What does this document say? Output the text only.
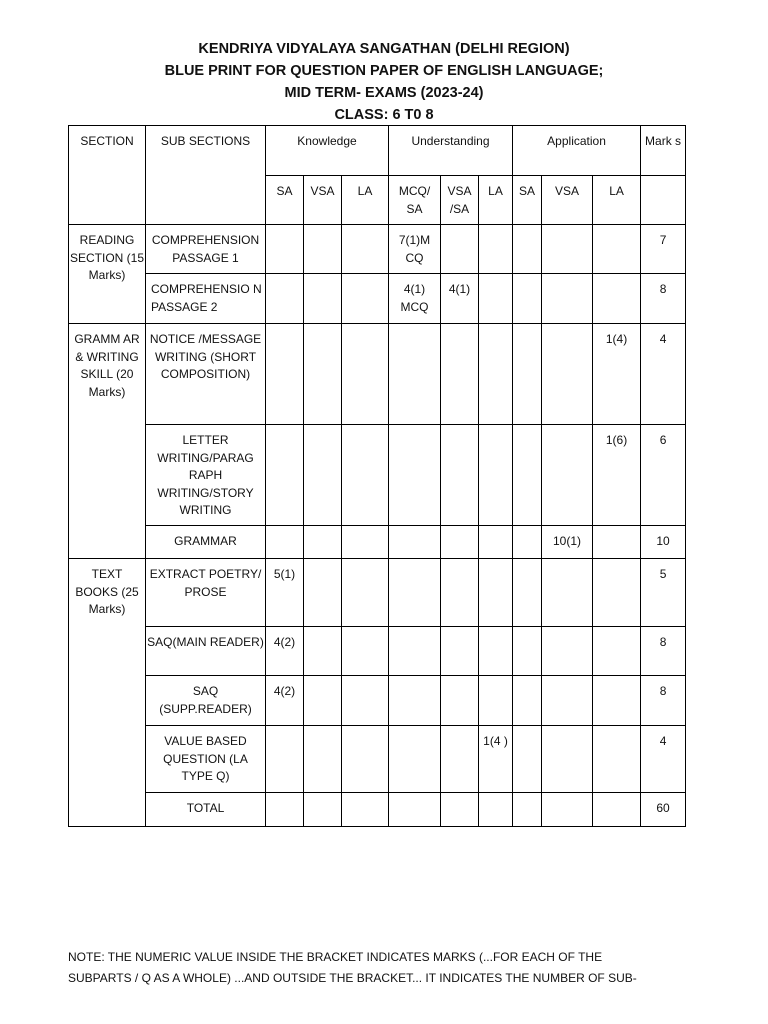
KENDRIYA VIDYALAYA SANGATHAN (DELHI REGION)
BLUE PRINT FOR QUESTION PAPER OF ENGLISH LANGUAGE;
MID TERM- EXAMS (2023-24)
CLASS: 6 T0 8
SECTION	SUB SECTIONS	Knowledge			Understanding			Application			Mark s
		SA	VSA	LA	MCQ/ SA	VSA /SA	LA	SA	VSA	LA	
READING SECTION (15 Marks)	COMPREHENSION PASSAGE 1				7(1)M CQ						7
	COMPREHENSIO N PASSAGE 2				4(1) MCQ	4(1)					8
GRAMM AR & WRITING SKILL (20 Marks)	NOTICE /MESSAGE WRITING (SHORT COMPOSITION)									1(4)	4
	LETTER WRITING/PARAG RAPH WRITING/STORY WRITING									1(6)	6
	GRAMMAR								10(1)		10
TEXT BOOKS (25 Marks)	EXTRACT POETRY/ PROSE	5(1)									5
	SAQ(MAIN READER)	4(2)									8
	SAQ (SUPP.READER)	4(2)									8
	VALUE BASED QUESTION (LA TYPE Q)						1(4 )				4
	TOTAL										60
NOTE: THE NUMERIC VALUE INSIDE THE BRACKET INDICATES MARKS (...FOR EACH OF THE
SUBPARTS / Q AS A WHOLE) ...AND OUTSIDE THE BRACKET... IT INDICATES THE NUMBER OF SUB-
